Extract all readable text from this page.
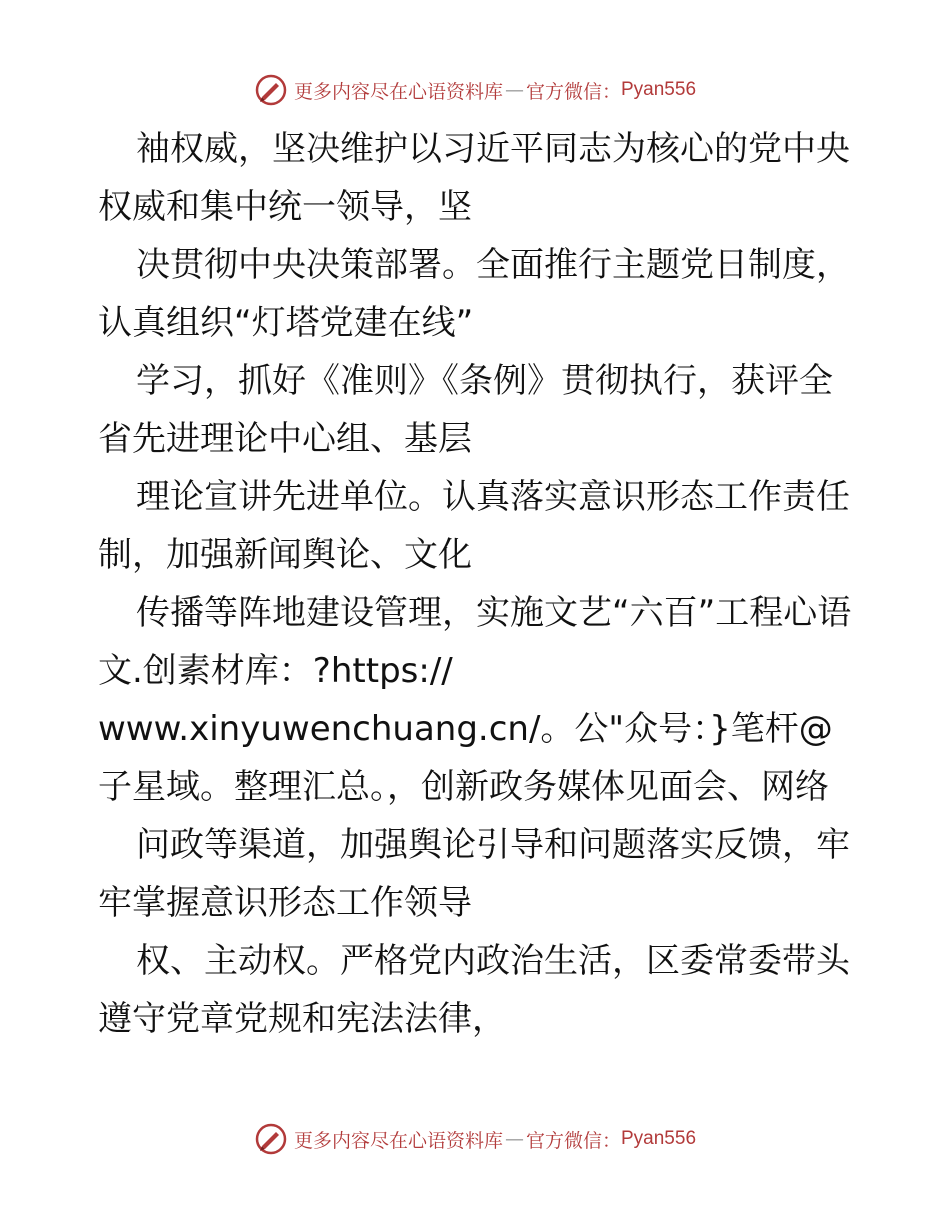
更多内容尽在心语资料库 — 官方微信： Pyan556

袖权威，坚决维护以习近平同志为核心的党中央权威和集中统一领导，坚

决贯彻中央决策部署。全面推行主题党日制度，认真组织“灯塔党建在线”

学习，抓好《准则》《条例》贯彻执行，获评全省先进理论中心组、基层

理论宣讲先进单位。认真落实意识形态工作责任制，加强新闻舆论、文化

传播等阵地建设管理，实施文艺“六百”工程心语文.创素材库：?https://

www.xinyuwenchuang.cn/。公"众号：}笔杆@子星域。整理汇总。，创新政务媒体见面会、网络

问政等渠道，加强舆论引导和问题落实反馈，牢牢掌握意识形态工作领导

权、主动权。严格党内政治生活，区委常委带头遵守党章党规和宪法法律，

更多内容尽在心语资料库 — 官方微信： Pyan556
